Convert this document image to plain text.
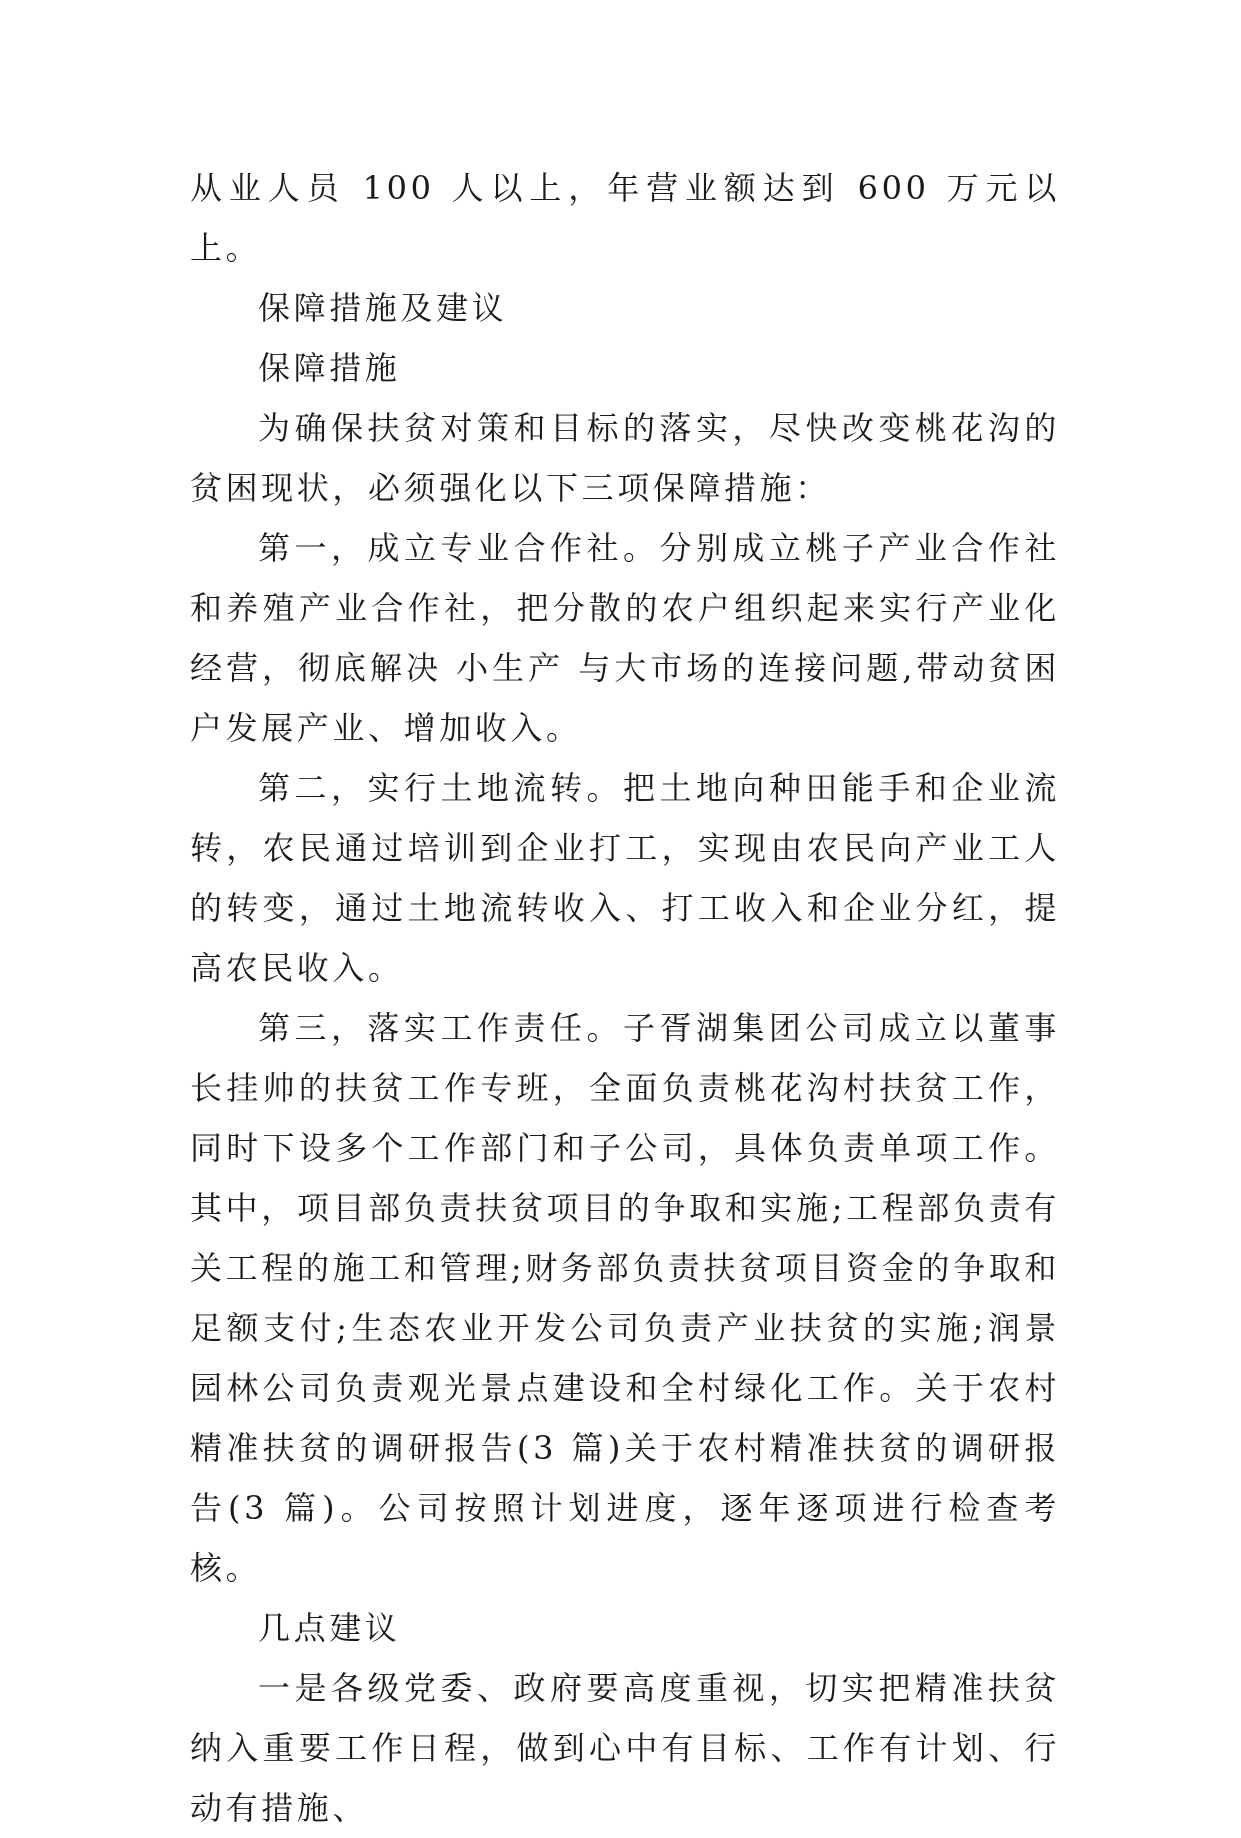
从业人员 100 人以上，年营业额达到 600 万元以上。

保障措施及建议

保障措施

为确保扶贫对策和目标的落实，尽快改变桃花沟的贫困现状，必须强化以下三项保障措施：

第一，成立专业合作社。分别成立桃子产业合作社和养殖产业合作社，把分散的农户组织起来实行产业化经营，彻底解决 小生产 与大市场的连接问题,带动贫困户发展产业、增加收入。

第二，实行土地流转。把土地向种田能手和企业流转，农民通过培训到企业打工，实现由农民向产业工人的转变，通过土地流转收入、打工收入和企业分红，提高农民收入。

第三，落实工作责任。子胥湖集团公司成立以董事长挂帅的扶贫工作专班，全面负责桃花沟村扶贫工作，同时下设多个工作部门和子公司，具体负责单项工作。其中，项目部负责扶贫项目的争取和实施;工程部负责有关工程的施工和管理;财务部负责扶贫项目资金的争取和足额支付;生态农业开发公司负责产业扶贫的实施;润景园林公司负责观光景点建设和全村绿化工作。关于农村精准扶贫的调研报告(3 篇)关于农村精准扶贫的调研报告(3 篇)。公司按照计划进度，逐年逐项进行检查考核。

几点建议

一是各级党委、政府要高度重视，切实把精准扶贫纳入重要工作日程，做到心中有目标、工作有计划、行动有措施、
